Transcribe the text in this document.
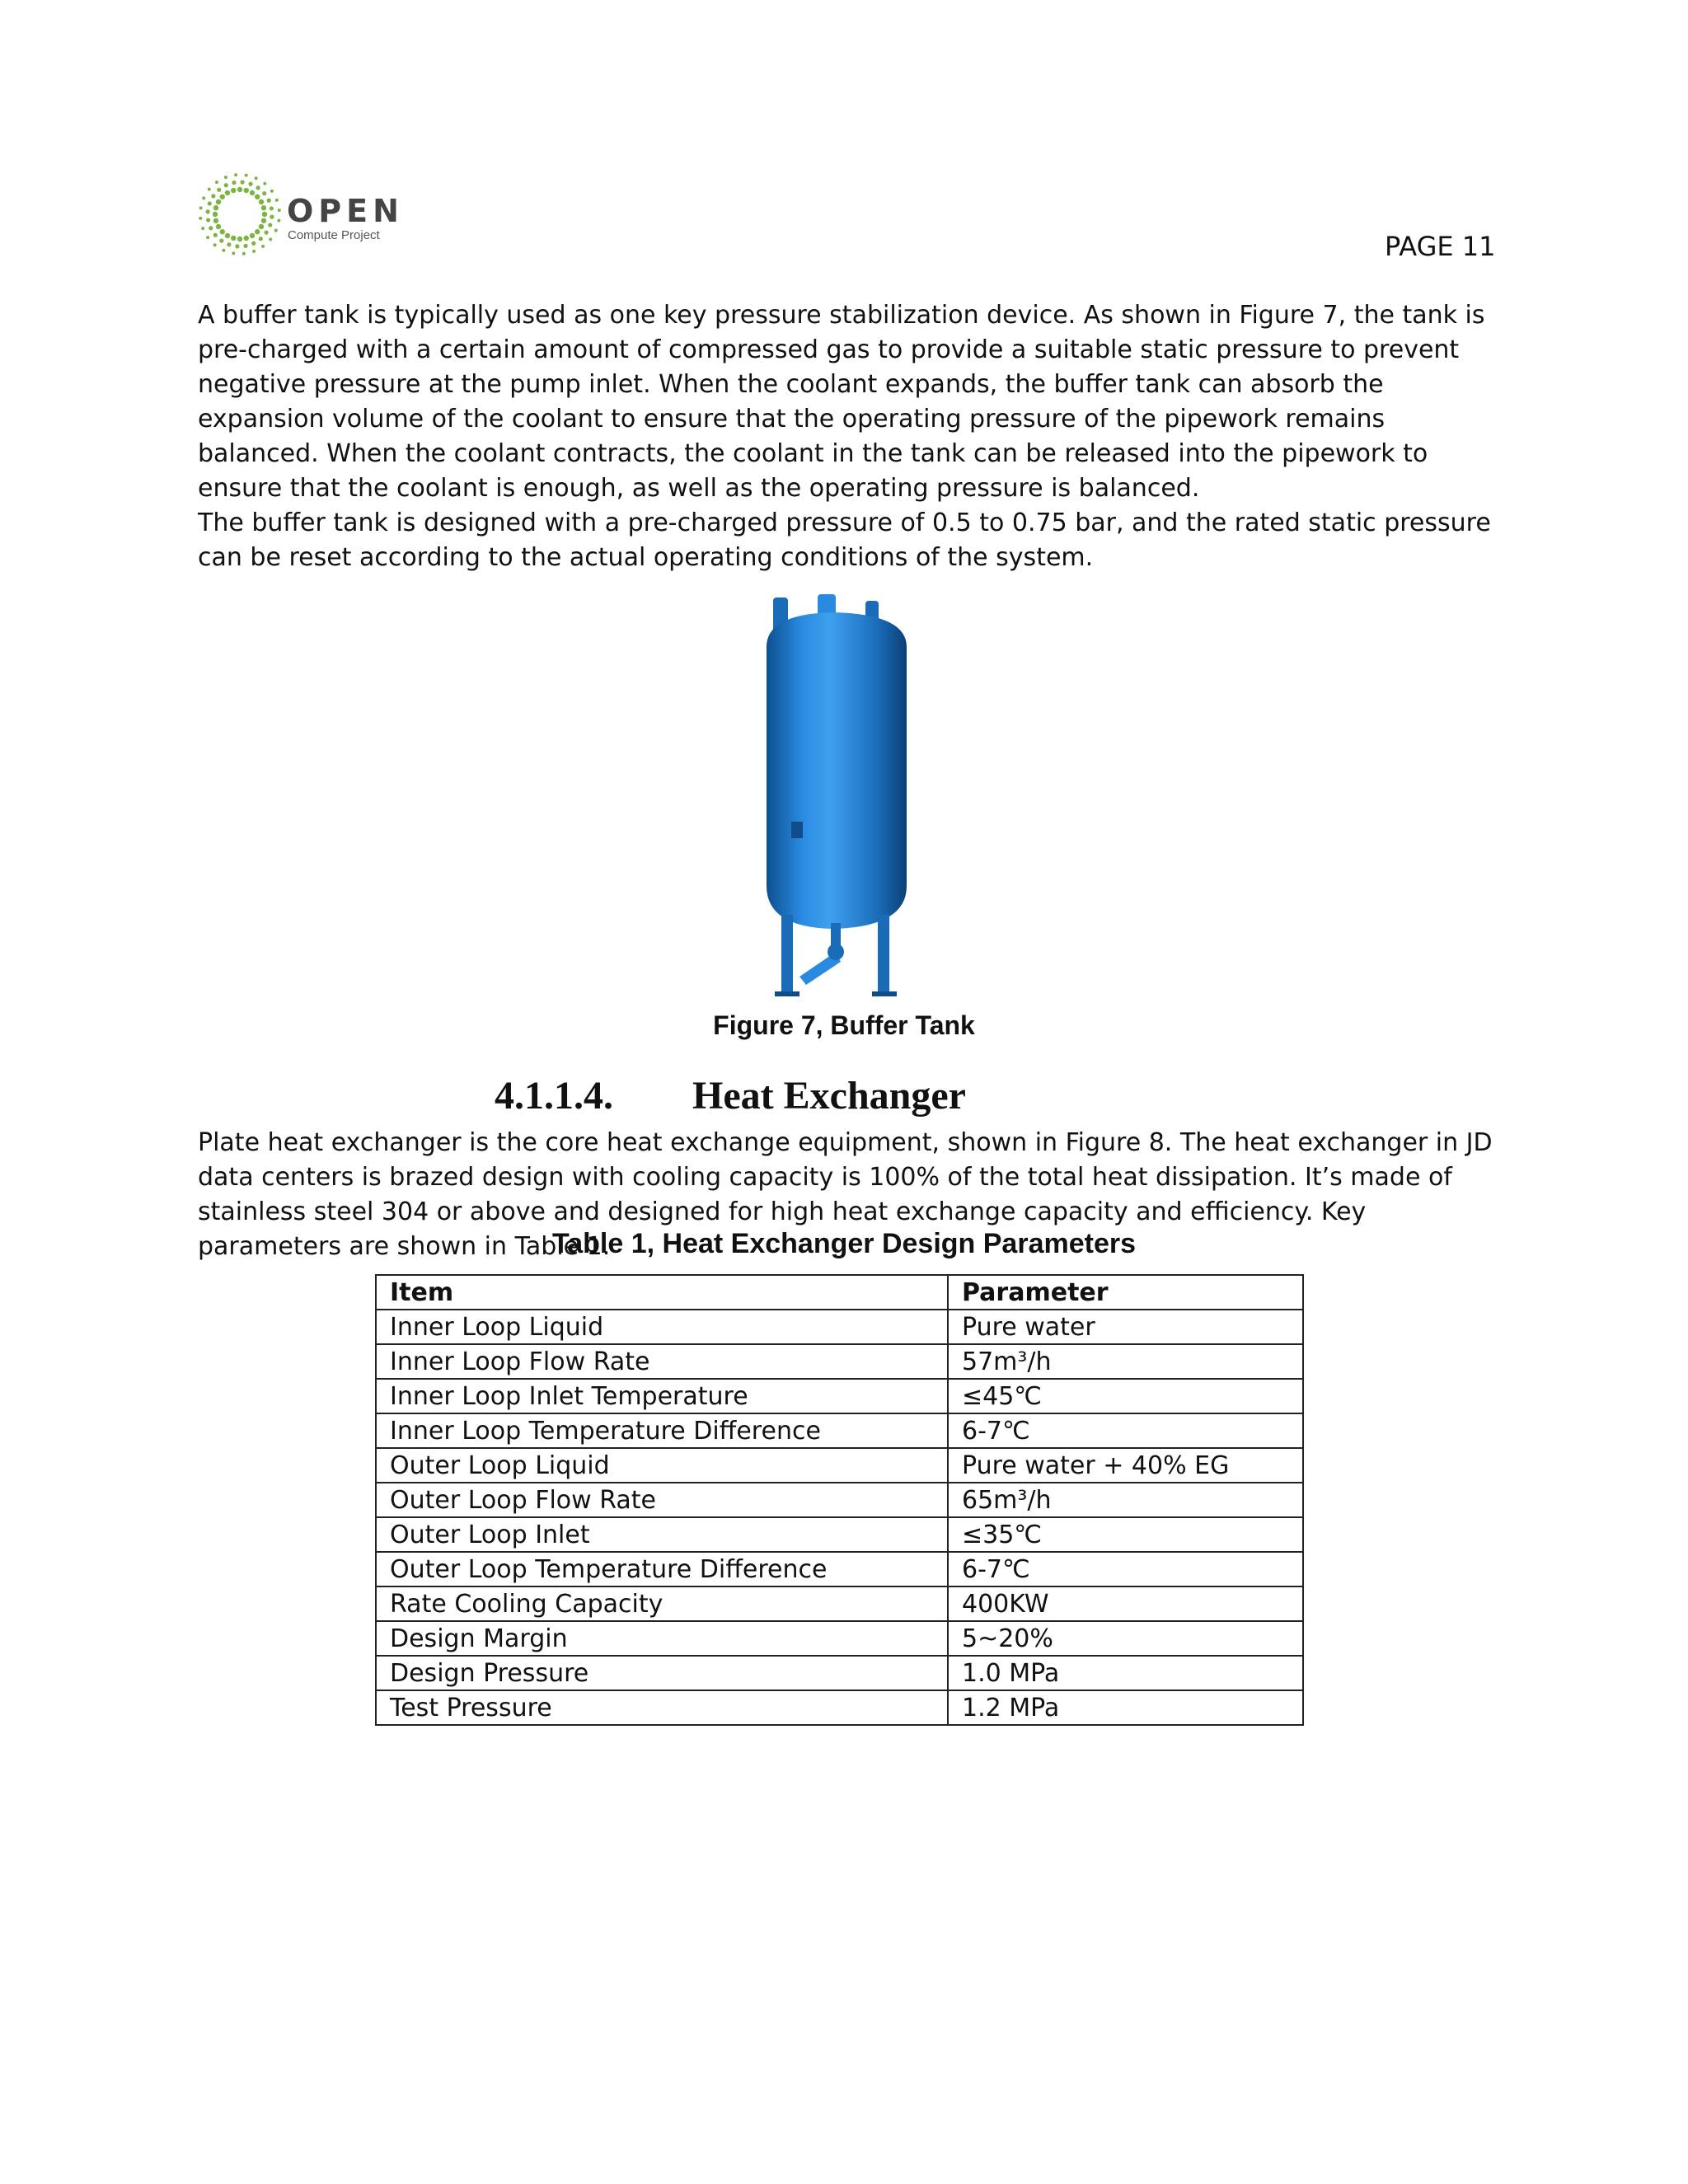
OPEN
Compute Project	PAGE 11

A buffer tank is typically used as one key pressure stabilization device. As shown in Figure 7, the tank is pre-charged with a certain amount of compressed gas to provide a suitable static pressure to prevent negative pressure at the pump inlet. When the coolant expands, the buffer tank can absorb the expansion volume of the coolant to ensure that the operating pressure of the pipework remains balanced. When the coolant contracts, the coolant in the tank can be released into the pipework to ensure that the coolant is enough, as well as the operating pressure is balanced.

The buffer tank is designed with a pre-charged pressure of 0.5 to 0.75 bar, and the rated static pressure can be reset according to the actual operating conditions of the system.

Figure 7, Buffer Tank
4.1.1.4. Heat Exchanger

Plate heat exchanger is the core heat exchange equipment, shown in Figure 8. The heat exchanger in JD data centers is brazed design with cooling capacity is 100% of the total heat dissipation. It’s made of stainless steel 304 or above and designed for high heat exchange capacity and efficiency. Key parameters are shown in Table 1.

Table 1, Heat Exchanger Design Parameters
Item	Parameter
Inner Loop Liquid	Pure water
Inner Loop Flow Rate	57m³/h
Inner Loop Inlet Temperature	≤45℃
Inner Loop Temperature Difference	6-7℃
Outer Loop Liquid	Pure water + 40% EG
Outer Loop Flow Rate	65m³/h
Outer Loop Inlet	≤35℃
Outer Loop Temperature Difference	6-7℃
Rate Cooling Capacity	400KW
Design Margin	5~20%
Design Pressure	1.0 MPa
Test Pressure	1.2 MPa
